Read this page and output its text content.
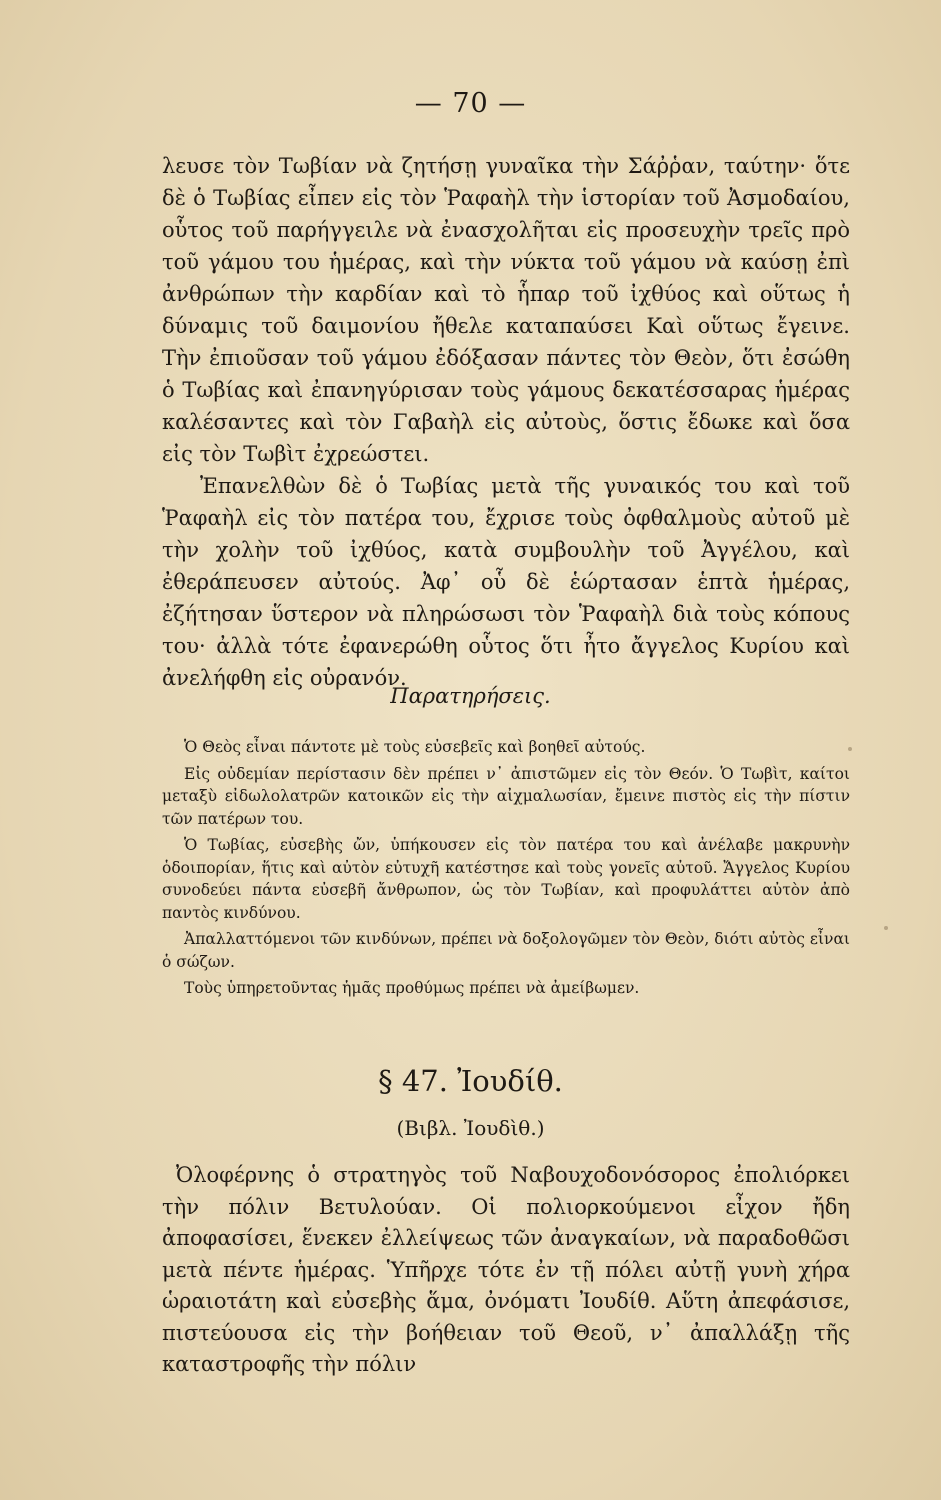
— 70 —

λευσε τὸν Τωβίαν νὰ ζητήσῃ γυναῖκα τὴν Σάῤῥαν, ταύτην· ὅτε δὲ ὁ Τωβίας εἶπεν εἰς τὸν Ῥαφαὴλ τὴν ἱστορίαν τοῦ Ἀσμοδαίου, οὗτος τοῦ παρήγγειλε νὰ ἐνασχολῆται εἰς προσευχὴν τρεῖς πρὸ τοῦ γάμου του ἡμέρας, καὶ τὴν νύκτα τοῦ γάμου νὰ καύσῃ ἐπὶ ἀνθρώπων τὴν καρδίαν καὶ τὸ ἧπαρ τοῦ ἰχθύος καὶ οὕτως ἡ δύναμις τοῦ δαιμονίου ἤθελε καταπαύσει Καὶ οὕτως ἔγεινε. Τὴν ἐπιοῦσαν τοῦ γάμου ἐδόξασαν πάντες τὸν Θεὸν, ὅτι ἐσώθη ὁ Τωβίας καὶ ἐπανηγύρισαν τοὺς γάμους δεκατέσσαρας ἡμέρας καλέσαντες καὶ τὸν Γαβαὴλ εἰς αὐτοὺς, ὅστις ἔδωκε καὶ ὅσα εἰς τὸν Τωβὶτ ἐχρεώστει.

Ἐπανελθὼν δὲ ὁ Τωβίας μετὰ τῆς γυναικός του καὶ τοῦ Ῥαφαὴλ εἰς τὸν πατέρα του, ἔχρισε τοὺς ὀφθαλμοὺς αὐτοῦ μὲ τὴν χολὴν τοῦ ἰχθύος, κατὰ συμβουλὴν τοῦ Ἀγγέλου, καὶ ἐθεράπευσεν αὐτούς. Ἀφ᾽ οὗ δὲ ἑώρτασαν ἑπτὰ ἡμέρας, ἐζήτησαν ὕστερον νὰ πληρώσωσι τὸν Ῥαφαὴλ διὰ τοὺς κόπους του· ἀλλὰ τότε ἐφανερώθη οὗτος ὅτι ἦτο ἄγγελος Κυρίου καὶ ἀνελήφθη εἰς οὐρανόν.

Παρατηρήσεις.

Ὁ Θεὸς εἶναι πάντοτε μὲ τοὺς εὐσεβεῖς καὶ βοηθεῖ αὐτούς.

Εἰς οὐδεμίαν περίστασιν δὲν πρέπει ν᾽ ἀπιστῶμεν εἰς τὸν Θεόν. Ὁ Τωβὶτ, καίτοι μεταξὺ εἰδωλολατρῶν κατοικῶν εἰς τὴν αἰχμαλωσίαν, ἔμεινε πιστὸς εἰς τὴν πίστιν τῶν πατέρων του.

Ὁ Τωβίας, εὐσεβὴς ὤν, ὑπήκουσεν εἰς τὸν πατέρα του καὶ ἀνέλαβε μακρυνὴν ὁδοιπορίαν, ἥτις καὶ αὐτὸν εὐτυχῆ κατέστησε καὶ τοὺς γονεῖς αὐτοῦ. Ἄγγελος Κυρίου συνοδεύει πάντα εὐσεβῆ ἄνθρωπον, ὡς τὸν Τωβίαν, καὶ προφυλάττει αὐτὸν ἀπὸ παντὸς κινδύνου.

Ἀπαλλαττόμενοι τῶν κινδύνων, πρέπει νὰ δοξολογῶμεν τὸν Θεὸν, διότι αὐτὸς εἶναι ὁ σώζων.

Τοὺς ὑπηρετοῦντας ἡμᾶς προθύμως πρέπει νὰ ἀμείβωμεν.

§ 47. Ἰουδίθ.
(Βιβλ. Ἰουδὶθ.)

Ὀλοφέρνης ὁ στρατηγὸς τοῦ Ναβουχοδονόσορος ἐπολιόρκει τὴν πόλιν Βετυλούαν. Οἱ πολιορκούμενοι εἶχον ἤδη ἀποφασίσει, ἕνεκεν ἐλλείψεως τῶν ἀναγκαίων, νὰ παραδοθῶσι μετὰ πέντε ἡμέρας. Ὑπῆρχε τότε ἐν τῇ πόλει αὐτῇ γυνὴ χήρα ὡραιοτάτη καὶ εὐσεβὴς ἅμα, ὀνόματι Ἰουδίθ. Αὕτη ἀπεφάσισε, πιστεύουσα εἰς τὴν βοήθειαν τοῦ Θεοῦ, ν᾽ ἀπαλλάξῃ τῆς καταστροφῆς τὴν πόλιν
